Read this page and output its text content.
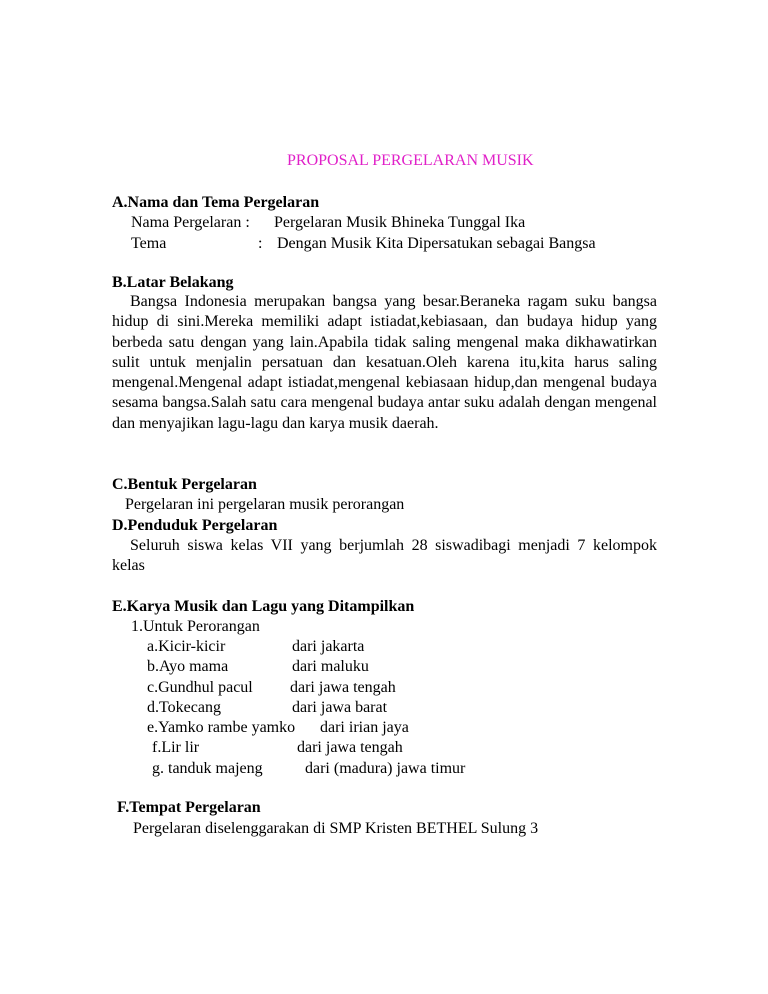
PROPOSAL PERGELARAN MUSIK
A.Nama dan Tema Pergelaran
Nama Pergelaran : Pergelaran Musik Bhineka Tunggal Ika
Tema	: Dengan Musik Kita Dipersatukan sebagai Bangsa
B.Latar Belakang
Bangsa Indonesia merupakan bangsa yang besar.Beraneka ragam suku bangsa hidup di sini.Mereka memiliki adapt istiadat,kebiasaan, dan budaya hidup yang berbeda satu dengan yang lain.Apabila tidak saling mengenal maka dikhawatirkan sulit untuk menjalin persatuan dan kesatuan.Oleh karena itu,kita harus saling mengenal.Mengenal adapt istiadat,mengenal kebiasaan hidup,dan mengenal budaya sesama bangsa.Salah satu cara mengenal budaya antar suku adalah dengan mengenal dan menyajikan lagu-lagu dan karya musik daerah.
C.Bentuk Pergelaran
Pergelaran ini pergelaran musik perorangan
D.Penduduk Pergelaran
Seluruh siswa kelas VII yang berjumlah 28 siswadibagi menjadi 7 kelompok kelas
E.Karya Musik dan Lagu yang Ditampilkan
1.Untuk Perorangan
a.Kicir-kicir	dari jakarta
b.Ayo mama	dari maluku
c.Gundhul pacul dari jawa tengah
d.Tokecang	dari jawa barat
e.Yamko rambe yamko dari irian jaya
f.Lir lir	dari jawa tengah
g. tanduk majeng	dari (madura) jawa timur
F.Tempat Pergelaran
Pergelaran diselenggarakan di SMP Kristen BETHEL Sulung 3
